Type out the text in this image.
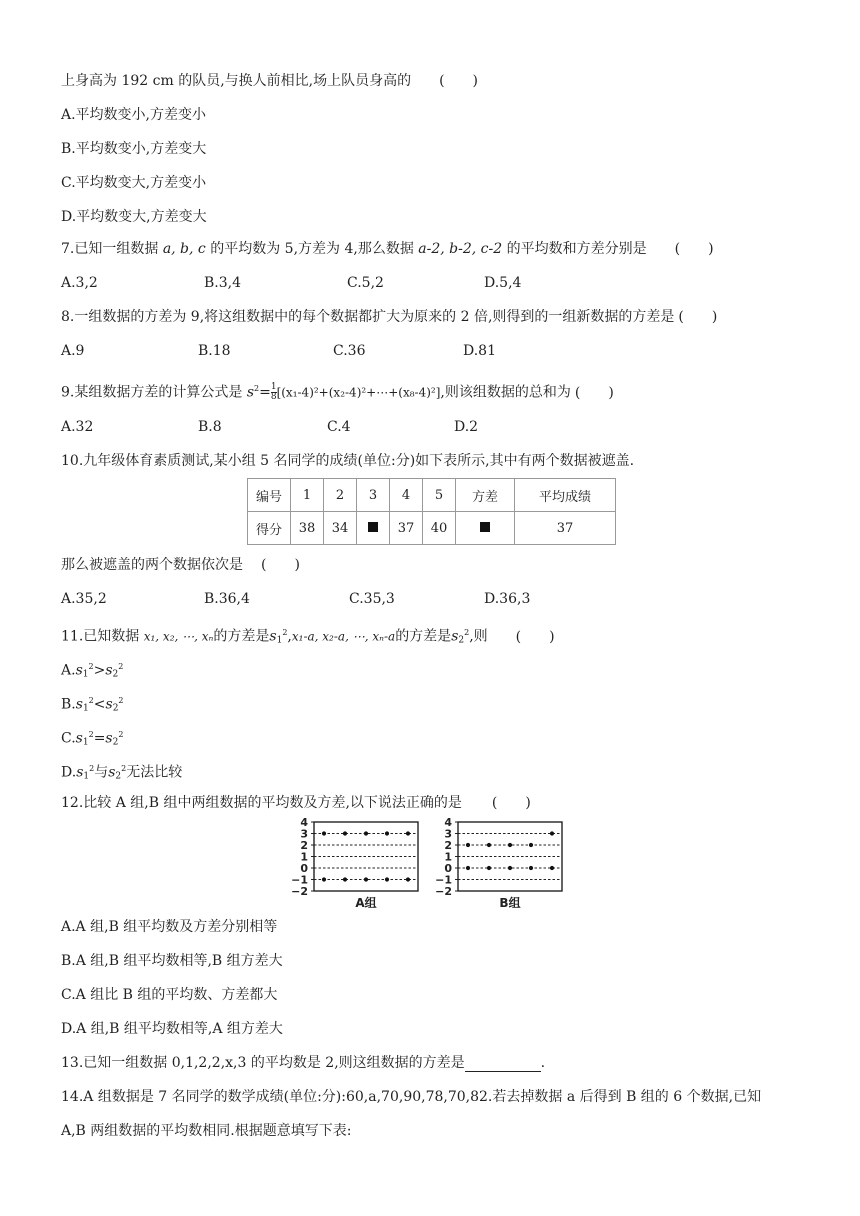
上身高为 192 cm 的队员,与换人前相比,场上队员身高的 (　　)
A.平均数变小,方差变小
B.平均数变小,方差变大
C.平均数变大,方差变小
D.平均数变大,方差变大
7.已知一组数据 a, b, c 的平均数为 5,方差为 4,那么数据 a-2, b-2, c-2 的平均数和方差分别是 (　　)
A.3,2	B.3,4	C.5,2	D.5,4
8.一组数据的方差为 9,将这组数据中的每个数据都扩大为原来的 2 倍,则得到的一组新数据的方差是 (　　)
A.9	B.18	C.36	D.81
9.某组数据方差的计算公式是 $s^2=$ $\frac{1}{8}[(x_1-4)^2+(x_2-4)^2+\cdots+(x_8-4)^2]$,则该组数据的总和为 (　　)
A.32	B.8	C.4	D.2
10.九年级体育素质测试,某小组 5 名同学的成绩(单位:分)如下表所示,其中有两个数据被遮盖.
编号	1	2	3	4	5	方差	平均成绩
得分	38	34		37	40		37
那么被遮盖的两个数据依次是 (　　)
A.35,2	B.36,4	C.35,3	D.36,3
11.已知数据 x₁, x₂, ⋯, xₙ的方差是$s1^2,x_1-a$, x₂-a, ⋯, xₙ-a的方差是$s2^2$,则 (　　)
$A.s1^2>s2^2$
$B.s1^2<s2^2$
$C.s1^2=s2^2$
$D.s1^2$与$s2^2$无法比较
12.比较 A 组,B 组中两组数据的平均数及方差,以下说法正确的是 (　　)
4
3
2
1
0
−1
−2
A组
4
3
2
1
0
−1
−2
B组
A.A 组,B 组平均数及方差分别相等
B.A 组,B 组平均数相等,B 组方差大
C.A 组比 B 组的平均数、方差都大
D.A 组,B 组平均数相等,A 组方差大
13.已知一组数据 0,1,2,2,x,3 的平均数是 2,则这组数据的方差是	.
14.A 组数据是 7 名同学的数学成绩(单位:分):60,a,70,90,78,70,82.若去掉数据 a 后得到 B 组的 6 个数据,已知
A,B 两组数据的平均数相同.根据题意填写下表:
